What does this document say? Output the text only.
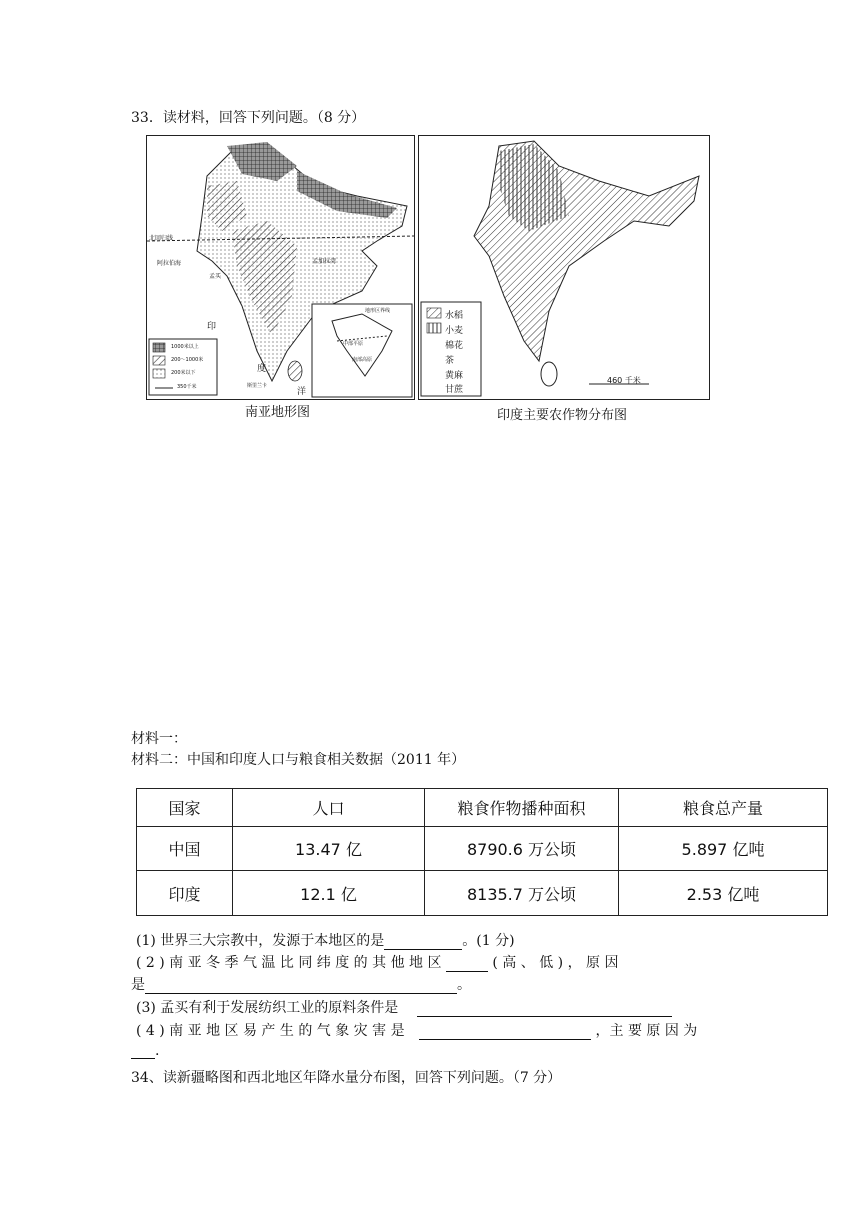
33．读材料，回答下列问题。（8 分）
1000米以上
200～1000米
200米以下
350千米
北回归线
阿拉伯海	孟加拉湾
印
度
洋
斯里兰卡
孟买
地形区界线
中部平原
南部高原
南亚地形图
水稻
小麦
棉花
茶
黄麻
甘蔗
460 千米
印度主要农作物分布图
材料一：
材料二：中国和印度人口与粮食相关数据（2011 年）
国家	人口	粮食作物播种面积	粮食总产量
中国	13.47 亿	8790.6 万公顷	5.897 亿吨
印度	12.1 亿	8135.7 万公顷	2.53 亿吨
(1) 世界三大宗教中，发源于本地区的是	。(1 分)
( 2 ) 南 亚 冬 季 气 温 比 同 纬 度 的 其 他 地 区	( 高 、 低 ) ， 原 因
是	。
(3) 孟买有利于发展纺织工业的原料条件是
( 4 ) 南 亚 地 区 易 产 生 的 气 象 灾 害 是	，主 要 原 因 为
.
34、读新疆略图和西北地区年降水量分布图，回答下列问题。（7 分）
